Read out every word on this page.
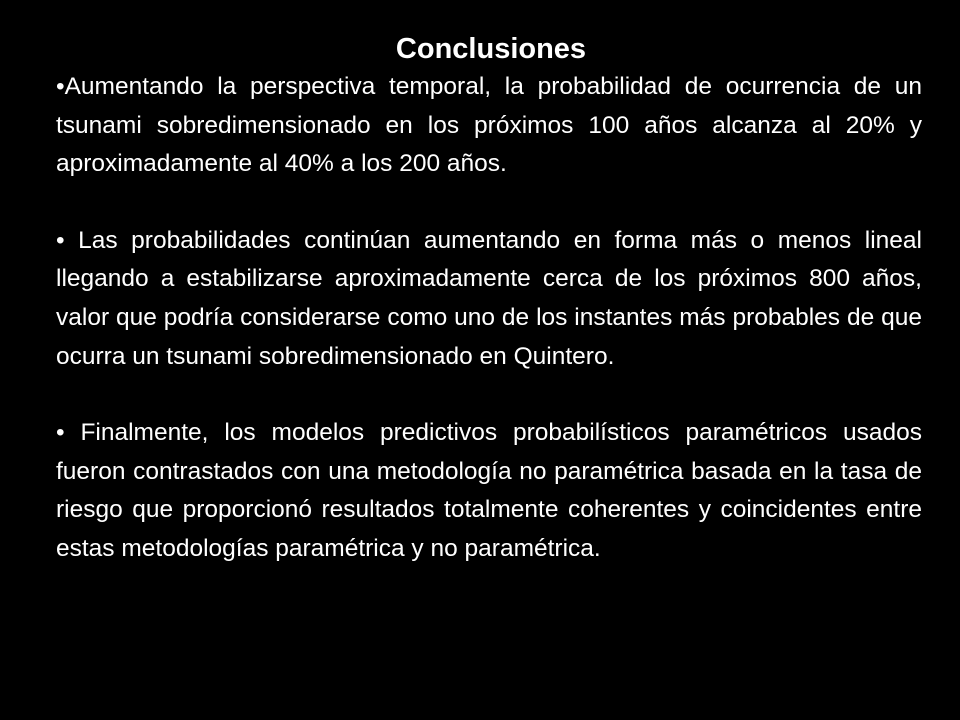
Conclusiones

•Aumentando la perspectiva temporal, la probabilidad de ocurrencia de un tsunami sobredimensionado en los próximos 100 años alcanza al 20% y aproximadamente al 40% a los 200 años.

• Las probabilidades continúan aumentando en forma más o menos lineal llegando a estabilizarse aproximadamente cerca de los próximos 800 años, valor que podría considerarse como uno de los instantes más probables de que ocurra un tsunami sobredimensionado en Quintero.

• Finalmente, los modelos predictivos probabilísticos paramétricos usados fueron contrastados con una metodología no paramétrica basada en la tasa de riesgo que proporcionó resultados totalmente coherentes y coincidentes entre estas metodologías paramétrica y no paramétrica.
